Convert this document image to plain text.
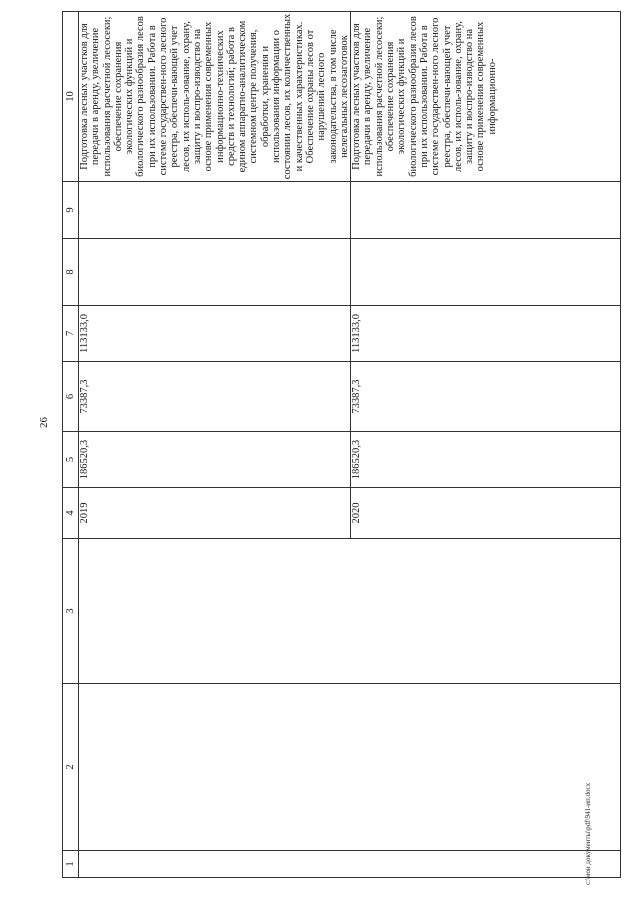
26
1	2	3	4	5	6	7	8	9	10
			2019	186520,3	73387,3	113133,0			Подготовка лесных участков для передачи в аренду, увеличение использования расчетной лесосеки; обеспечение сохранения экологических функций и биологического разнообразия лесов при их использовании. Работа в системе государствен-ного лесного реестра, обеспечи-вающей учет лесов, их исполь-зование, охрану, защиту и воспро-изводство на основе применения современных информационно-технических средств и технологий; работа в едином аппаратно-аналитическом системном центре получения, обработки, хранения и использования информации о состоянии лесов, их количественных и качественных характеристиках. Обеспечение охраны лесов от нарушений лесного законодательства, в том числе нелегальных лесозаготовок
			2020	186520,3	73387,3	113133,0			Подготовка лесных участков для передачи в аренду, увеличение использования расчетной лесосеки; обеспечение сохранения экологических функций и биологического разнообразия лесов при их использовании. Работа в системе государствен-ного лесного реестра, обеспечи-вающей учет лесов, их исполь-зование, охрану, защиту и воспро-изводство на основе применения современных информационно-
c:\мои документы\pdf\941-ип.docx
